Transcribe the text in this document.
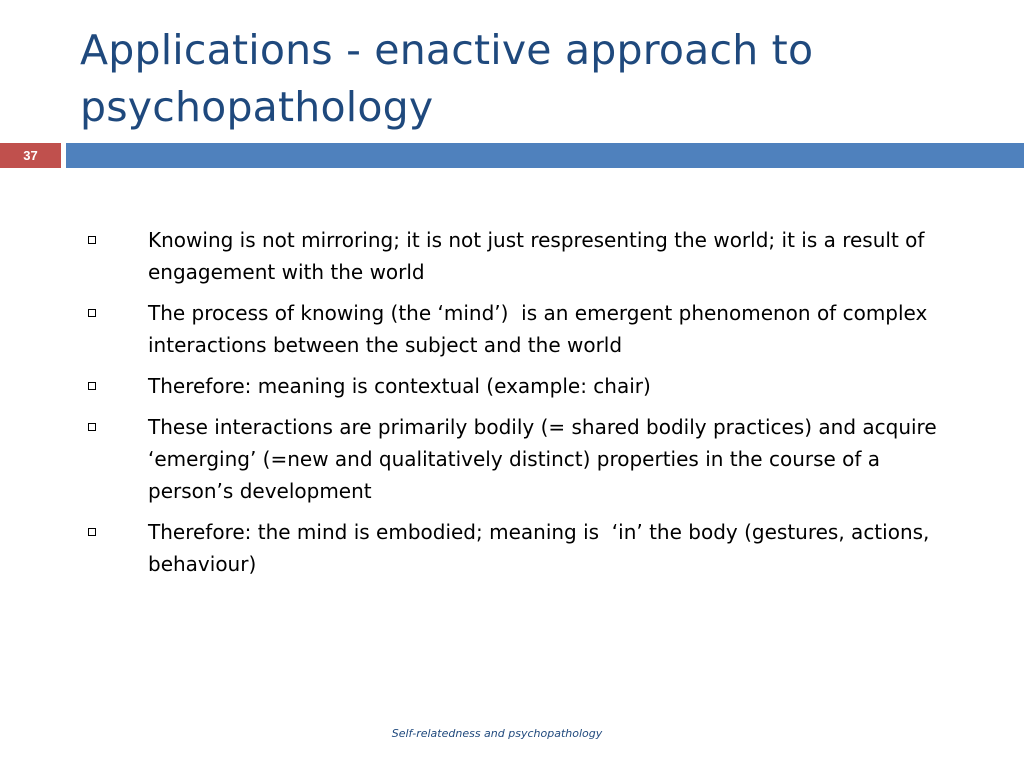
Applications - enactive approach to psychopathology
37
Knowing is not mirroring; it is not just respresenting the world; it is a result of  engagement with the world
The process of knowing (the ‘mind’)  is an emergent phenomenon of complex interactions between the subject and the world
Therefore: meaning is contextual (example: chair)
These interactions are primarily bodily (= shared bodily practices) and acquire ‘emerging’ (=new and qualitatively distinct) properties in the course of a person’s development
Therefore: the mind is embodied; meaning is  ‘in’ the body (gestures, actions, behaviour)
Self-relatedness and psychopathology
